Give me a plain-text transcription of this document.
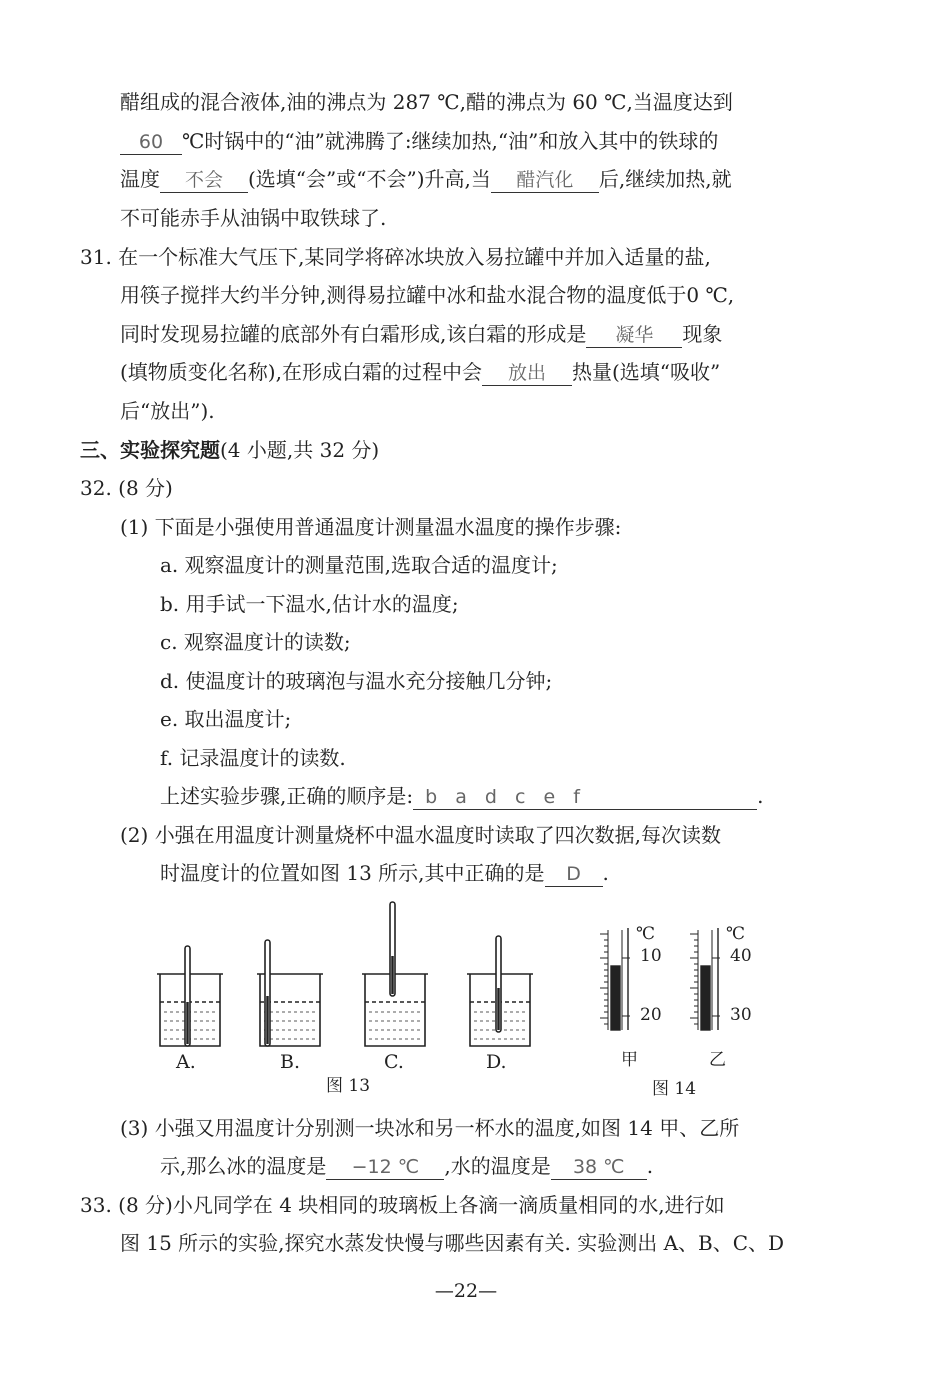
醋组成的混合液体,油的沸点为 287 ℃,醋的沸点为 60 ℃,当温度达到
60 ℃时锅中的“油”就沸腾了:继续加热,“油”和放入其中的铁球的
温度 不会 (选填“会”或“不会”)升高,当 醋汽化 后,继续加热,就
不可能赤手从油锅中取铁球了.
31. 在一个标准大气压下,某同学将碎冰块放入易拉罐中并加入适量的盐,
用筷子搅拌大约半分钟,测得易拉罐中冰和盐水混合物的温度低于0 ℃,
同时发现易拉罐的底部外有白霜形成,该白霜的形成是 凝华 现象
(填物质变化名称),在形成白霜的过程中会 放出 热量(选填“吸收”
后“放出”).
三、实验探究题(4 小题,共 32 分)
32. (8 分)
(1) 下面是小强使用普通温度计测量温水温度的操作步骤:
a. 观察温度计的测量范围,选取合适的温度计;
b. 用手试一下温水,估计水的温度;
c. 观察温度计的读数;
d. 使温度计的玻璃泡与温水充分接触几分钟;
e. 取出温度计;
f. 记录温度计的读数.
上述实验步骤,正确的顺序是: b a d c e f	.
(2) 小强在用温度计测量烧杯中温水温度时读取了四次数据,每次读数
时温度计的位置如图 13 所示,其中正确的是 D .
A.	B.	C.	D.
图 13
℃
10
20
℃
40
30
甲	乙
图 14
(3) 小强又用温度计分别测一块冰和另一杯水的温度,如图 14 甲、乙所
示,那么冰的温度是 −12 ℃ ,水的温度是 38 ℃ .
33. (8 分)小凡同学在 4 块相同的玻璃板上各滴一滴质量相同的水,进行如
图 15 所示的实验,探究水蒸发快慢与哪些因素有关. 实验测出 A、B、C、D
—22—
